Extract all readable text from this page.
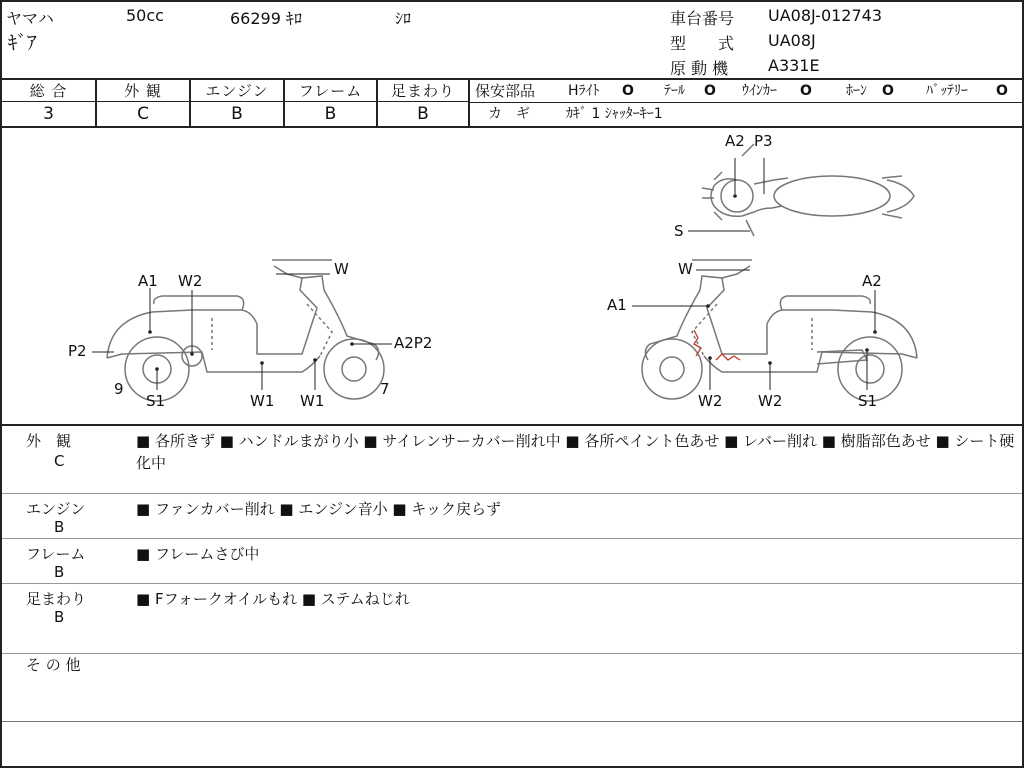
ヤマハ	50cc	66299 ｷﾛ	ｼﾛ
ｷﾞｱ
車台番号 UA08J-012743
型　　式 UA08J
原 動 機 A331E
総 合
3
外 観
C
エンジン
B
フレーム
B
足まわり
B
保安部品 Hﾗｲﾄ O ﾃｰﾙ O ｳｲﾝｶｰ O ﾎｰﾝ O ﾊﾞｯﾃﾘｰ O
カ　ギ	ｶｷﾞ 1 ｼｬｯﾀｰｷｰ1
A2 P3
S
A1 W2
W
P2	A2P2
9
S1	W1 W1
7
W
A1
A2
W2 W2	S1
外　観
C
■ 各所きず ■ ハンドルまがり小 ■ サイレンサーカバー削れ中 ■ 各所ペイント色あせ ■ レバー削れ ■ 樹脂部色あせ ■ シート硬化中
エンジン
B
■ ファンカバー削れ ■ エンジン音小 ■ キック戻らず
フレーム
B
■ フレームさび中
足まわり
B
■ Fフォークオイルもれ ■ ステムねじれ
そ の 他
